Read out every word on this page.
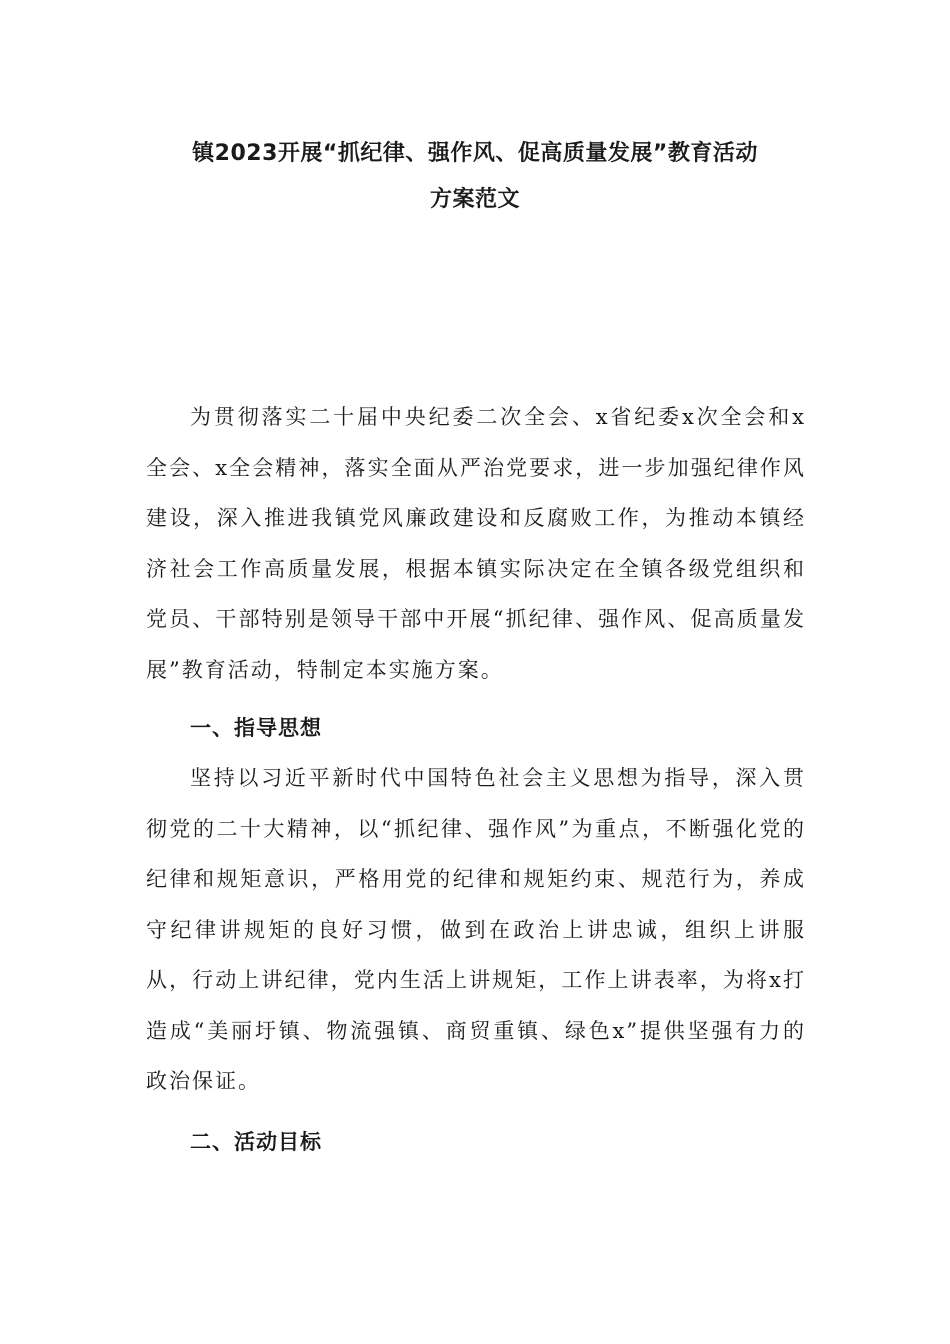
镇2023开展“抓纪律、强作风、促高质量发展”教育活动
方案范文
为贯彻落实二十届中央纪委二次全会、x省纪委x次全会和x全会、x全会精神，落实全面从严治党要求，进一步加强纪律作风建设，深入推进我镇党风廉政建设和反腐败工作，为推动本镇经济社会工作高质量发展，根据本镇实际决定在全镇各级党组织和党员、干部特别是领导干部中开展“抓纪律、强作风、促高质量发展”教育活动，特制定本实施方案。
一、指导思想
坚持以习近平新时代中国特色社会主义思想为指导，深入贯彻党的二十大精神，以“抓纪律、强作风”为重点，不断强化党的纪律和规矩意识，严格用党的纪律和规矩约束、规范行为，养成守纪律讲规矩的良好习惯，做到在政治上讲忠诚，组织上讲服从，行动上讲纪律，党内生活上讲规矩，工作上讲表率，为将x打造成“美丽圩镇、物流强镇、商贸重镇、绿色x”提供坚强有力的政治保证。
二、活动目标
